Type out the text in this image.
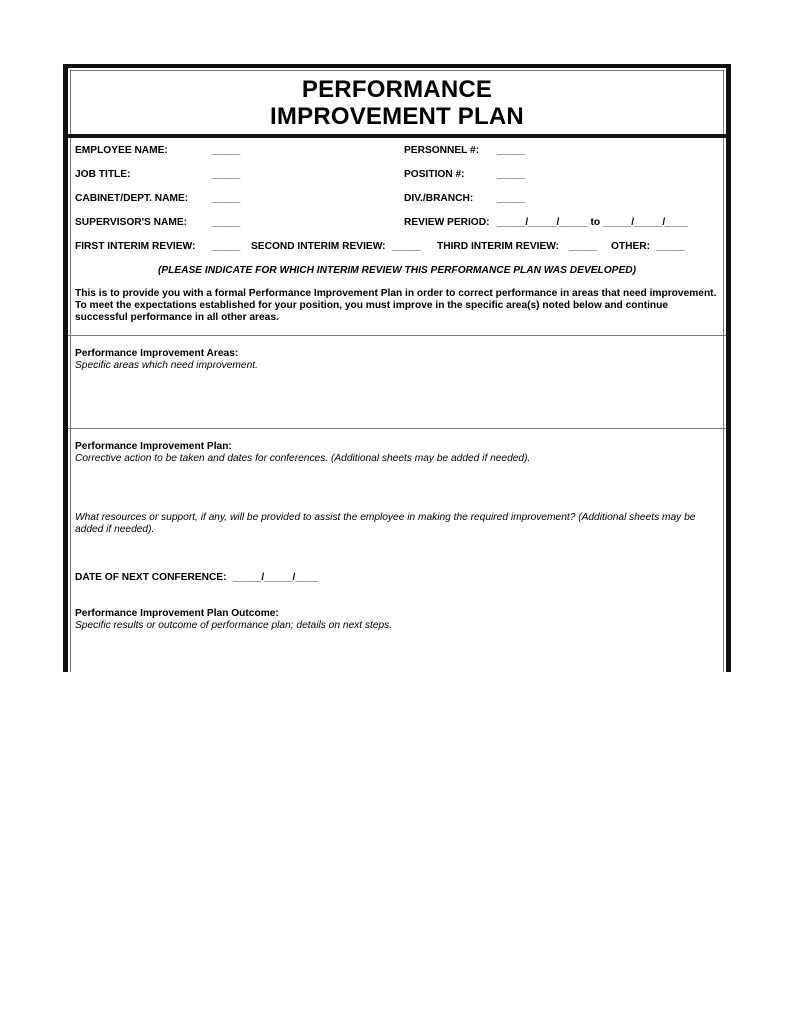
PERFORMANCE
IMPROVEMENT PLAN
EMPLOYEE NAME:	_____	PERSONNEL #: _____
JOB TITLE:	_____	POSITION #:	_____
CABINET/DEPT. NAME: _____	DIV./BRANCH: _____
SUPERVISOR'S NAME: _____	REVIEW PERIOD: _____/_____/_____ to _____/_____/____
FIRST INTERIM REVIEW: _____ SECOND INTERIM REVIEW: _____ THIRD INTERIM REVIEW: _____ OTHER: _____
(PLEASE INDICATE FOR WHICH INTERIM REVIEW THIS PERFORMANCE PLAN WAS DEVELOPED)
This is to provide you with a formal Performance Improvement Plan in order to correct performance in areas that need improvement. To meet the expectations established for your position, you must improve in the specific area(s) noted below and continue successful performance in all other areas.
Performance Improvement Areas:
Specific areas which need improvement.
Performance Improvement Plan:
Corrective action to be taken and dates for conferences. (Additional sheets may be added if needed).
What resources or support, if any, will be provided to assist the employee in making the required improvement? (Additional sheets may be added if needed).
DATE OF NEXT CONFERENCE: _____/_____/____
Performance Improvement Plan Outcome:
Specific results or outcome of performance plan; details on next steps.
